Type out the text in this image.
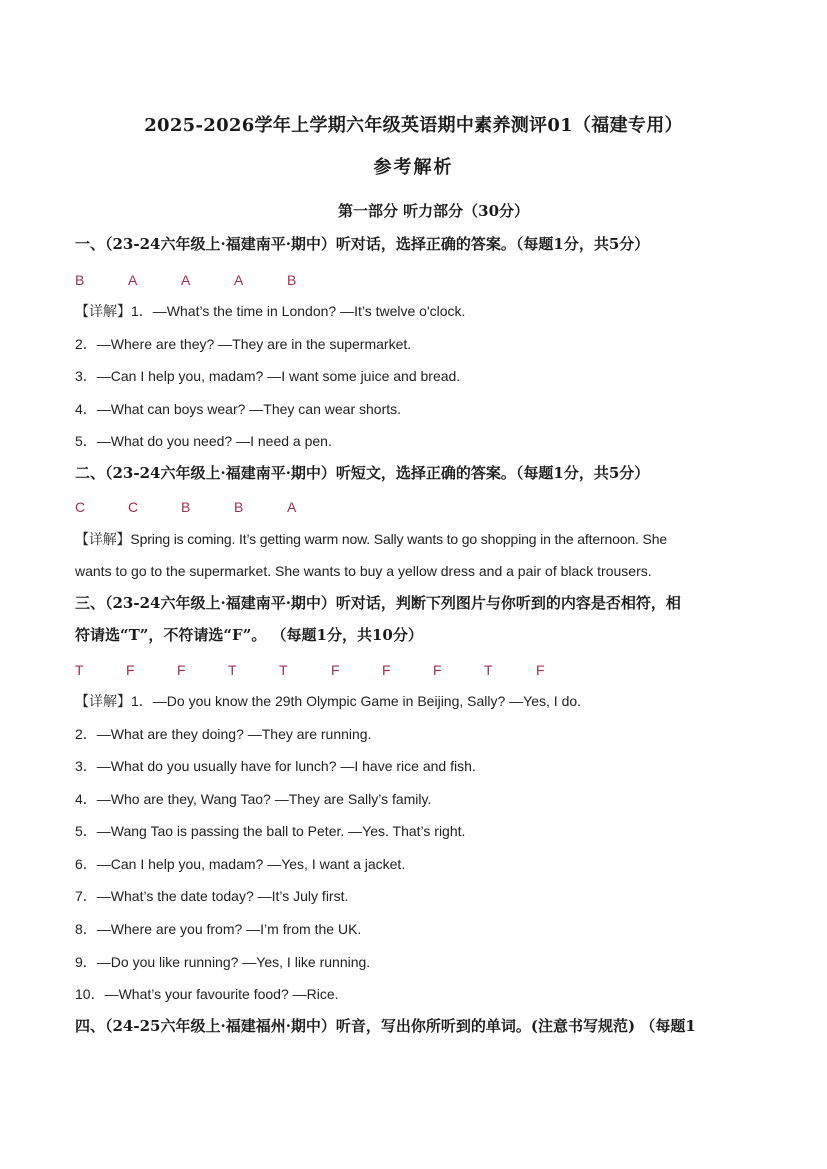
2025-2026学年上学期六年级英语期中素养测评01（福建专用）
参考解析
第一部分 听力部分（30分）
一、（23-24六年级上·福建南平·期中）听对话，选择正确的答案。（每题1分，共5分）
B	A	A	A	B
【详解】1．—What’s the time in London? —It’s twelve o'clock.
2．—Where are they? —They are in the supermarket.
3．—Can I help you, madam? —I want some juice and bread.
4．—What can boys wear? —They can wear shorts.
5．—What do you need? —I need a pen.
二、（23-24六年级上·福建南平·期中）听短文，选择正确的答案。（每题1分，共5分）
C	C	B	B	A
【详解】Spring is coming. It’s getting warm now. Sally wants to go shopping in the afternoon. She
wants to go to the supermarket. She wants to buy a yellow dress and a pair of black trousers.
三、（23-24六年级上·福建南平·期中）听对话，判断下列图片与你听到的内容是否相符，相
符请选“T”，不符请选“F”。 （每题1分，共10分）
T	F	F	T	T	F	F	F	T	F
【详解】1．—Do you know the 29th Olympic Game in Beijing, Sally? —Yes, I do.
2．—What are they doing? —They are running.
3．—What do you usually have for lunch? —I have rice and fish.
4．—Who are they, Wang Tao? —They are Sally’s family.
5．—Wang Tao is passing the ball to Peter. —Yes. That’s right.
6．—Can I help you, madam? —Yes, I want a jacket.
7．—What’s the date today? —It’s July first.
8．—Where are you from? —I’m from the UK.
9．—Do you like running? —Yes, I like running.
10．—What’s your favourite food? —Rice.
四、（24-25六年级上·福建福州·期中）听音，写出你所听到的单词。(注意书写规范) （每题1
